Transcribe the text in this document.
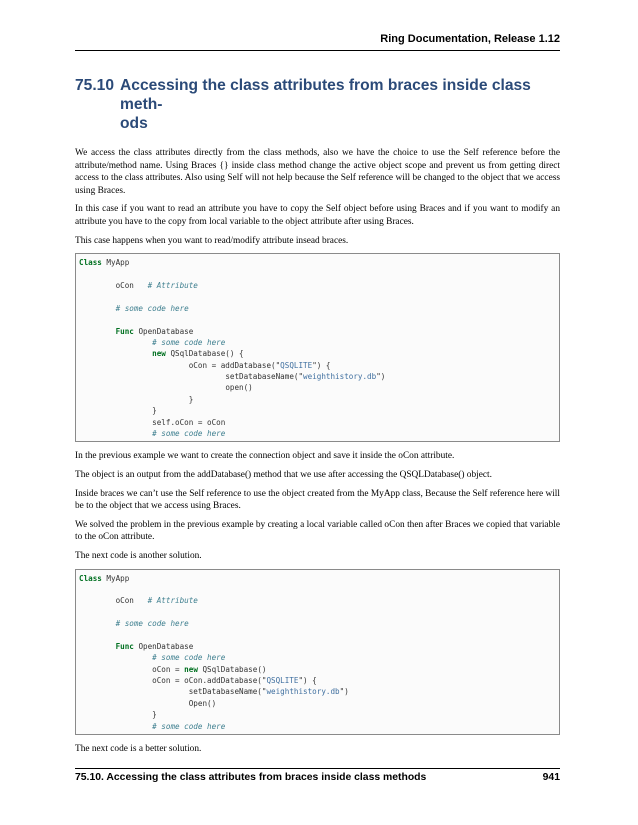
Ring Documentation, Release 1.12
75.10 Accessing the class attributes from braces inside class meth-
ods

We access the class attributes directly from the class methods, also we have the choice to use the Self reference before the attribute/method name. Using Braces {} inside class method change the active object scope and prevent us from getting direct access to the class attributes. Also using Self will not help because the Self reference will be changed to the object that we access using Braces.

In this case if you want to read an attribute you have to copy the Self object before using Braces and if you want to modify an attribute you have to the copy from local variable to the object attribute after using Braces.

This case happens when you want to read/modify attribute insead braces.

Class MyApp
oCon # Attribute
# some code here
Func OpenDatabase
# some code here
new QSqlDatabase() {
oCon = addDatabase("QSQLITE") {
setDatabaseName("weighthistory.db")
open()
}
}
self.oCon = oCon
# some code here

In the previous example we want to create the connection object and save it inside the oCon attribute.

The object is an output from the addDatabase() method that we use after accessing the QSQLDatabase() object.

Inside braces we can’t use the Self reference to use the object created from the MyApp class, Because the Self reference here will be to the object that we access using Braces.

We solved the problem in the previous example by creating a local variable called oCon then after Braces we copied that variable to the oCon attribute.

The next code is another solution.

Class MyApp
oCon # Attribute
# some code here
Func OpenDatabase
# some code here
oCon = new QSqlDatabase()
oCon = oCon.addDatabase("QSQLITE") {
setDatabaseName("weighthistory.db")
Open()
}
# some code here

The next code is a better solution.

75.10. Accessing the class attributes from braces inside class methods	941
